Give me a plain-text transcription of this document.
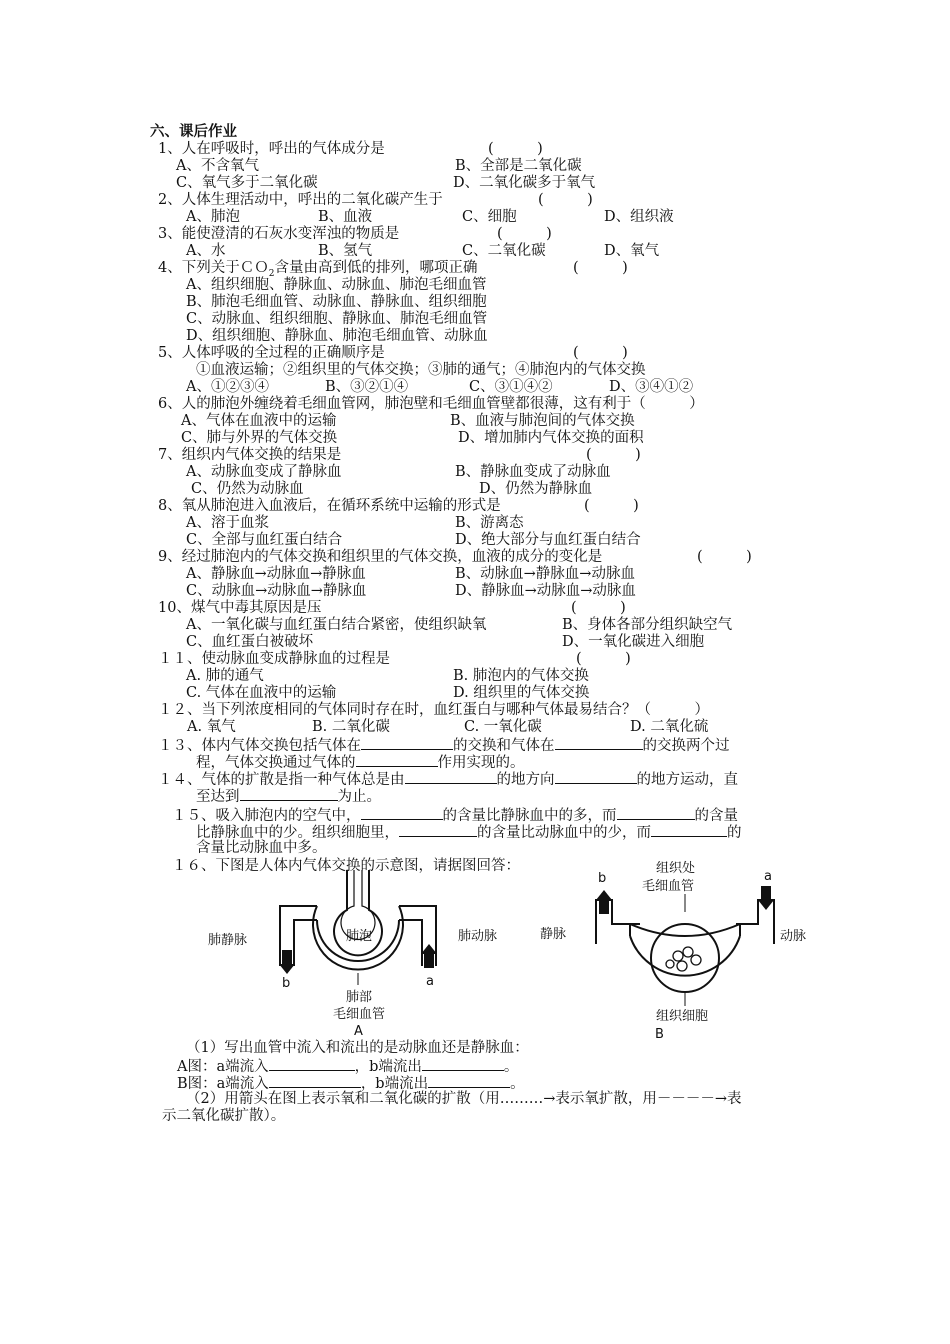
六、课后作业
1、人在呼吸时，呼出的气体成分是	(　　　)
A、不含氧气	B、全部是二氧化碳
C、氧气多于二氧化碳	D、二氧化碳多于氧气
2、人体生理活动中，呼出的二氧化碳产生于	(　　　)
A、肺泡	B、血液	C、细胞	D、组织液
3、能使澄清的石灰水变浑浊的物质是	(　　　)
A、水	B、氢气	C、二氧化碳	D、氧气
4、下列关于ＣＯ$_2$含量由高到低的排列，哪项正确	(　　　)
A、组织细胞、静脉血、动脉血、肺泡毛细血管
B、肺泡毛细血管、动脉血、静脉血、组织细胞
C、动脉血、组织细胞、静脉血、肺泡毛细血管
D、组织细胞、静脉血、肺泡毛细血管、动脉血
5、人体呼吸的全过程的正确顺序是	(　　　)
①血液运输；②组织里的气体交换；③肺的通气；④肺泡内的气体交换
A、①②③④	B、③②①④	C、③①④②	D、③④①②
6、人的肺泡外缠绕着毛细血管网，肺泡壁和毛细血管壁都很薄，这有利于（　　　）
A、气体在血液中的运输	B、血液与肺泡间的气体交换
C、肺与外界的气体交换	D、增加肺内气体交换的面积
7、组织内气体交换的结果是	(　　　)
A、动脉血变成了静脉血	B、静脉血变成了动脉血
C、仍然为动脉血	D、仍然为静脉血
8、氧从肺泡进入血液后，在循环系统中运输的形式是	(　　　)
A、溶于血浆	B、游离态
C、全部与血红蛋白结合	D、绝大部分与血红蛋白结合
9、经过肺泡内的气体交换和组织里的气体交换，血液的成分的变化是	(　　　)
A、静脉血→动脉血→静脉血	B、动脉血→静脉血→动脉血
C、动脉血→动脉血→静脉血	D、静脉血→动脉血→动脉血
10、煤气中毒其原因是压	(　　　)
A、一氧化碳与血红蛋白结合紧密，使组织缺氧	B、身体各部分组织缺空气
C、血红蛋白被破坏	D、一氧化碳进入细胞
１１、使动脉血变成静脉血的过程是	(　　　)
A. 肺的通气	B. 肺泡内的气体交换
C. 气体在血液中的运输	D. 组织里的气体交换
１２、当下列浓度相同的气体同时存在时，血红蛋白与哪种气体最易结合？（　　　）
A. 氧气	B. 二氧化碳	C. 一氧化碳	D. 二氧化硫
１３、体内气体交换包括气体在	的交换和气体在	的交换两个过
程，气体交换通过气体的	作用实现的。
１４、气体的扩散是指一种气体总是由	的地方向	的地方运动，直
至达到	为止。
１５、吸入肺泡内的空气中，	的含量比静脉血中的多，而	的含量
比静脉血中的少。组织细胞里，	的含量比动脉血中的少，而	的
含量比动脉血中多。
１６、下图是人体内气体交换的示意图，请据图回答：
肺泡
肺静脉	肺动脉
肺部
毛细血管
b	a
A
组织处
毛细血管
静脉	动脉
组织细胞
b	a
B
（1）写出血管中流入和流出的是动脉血还是静脉血：
A图：a端流入	，b端流出	。
B图：a端流入	，b端流出	。
（2）用箭头在图上表示氧和二氧化碳的扩散（用………→表示氧扩散，用－－－－→表
示二氧化碳扩散）。
